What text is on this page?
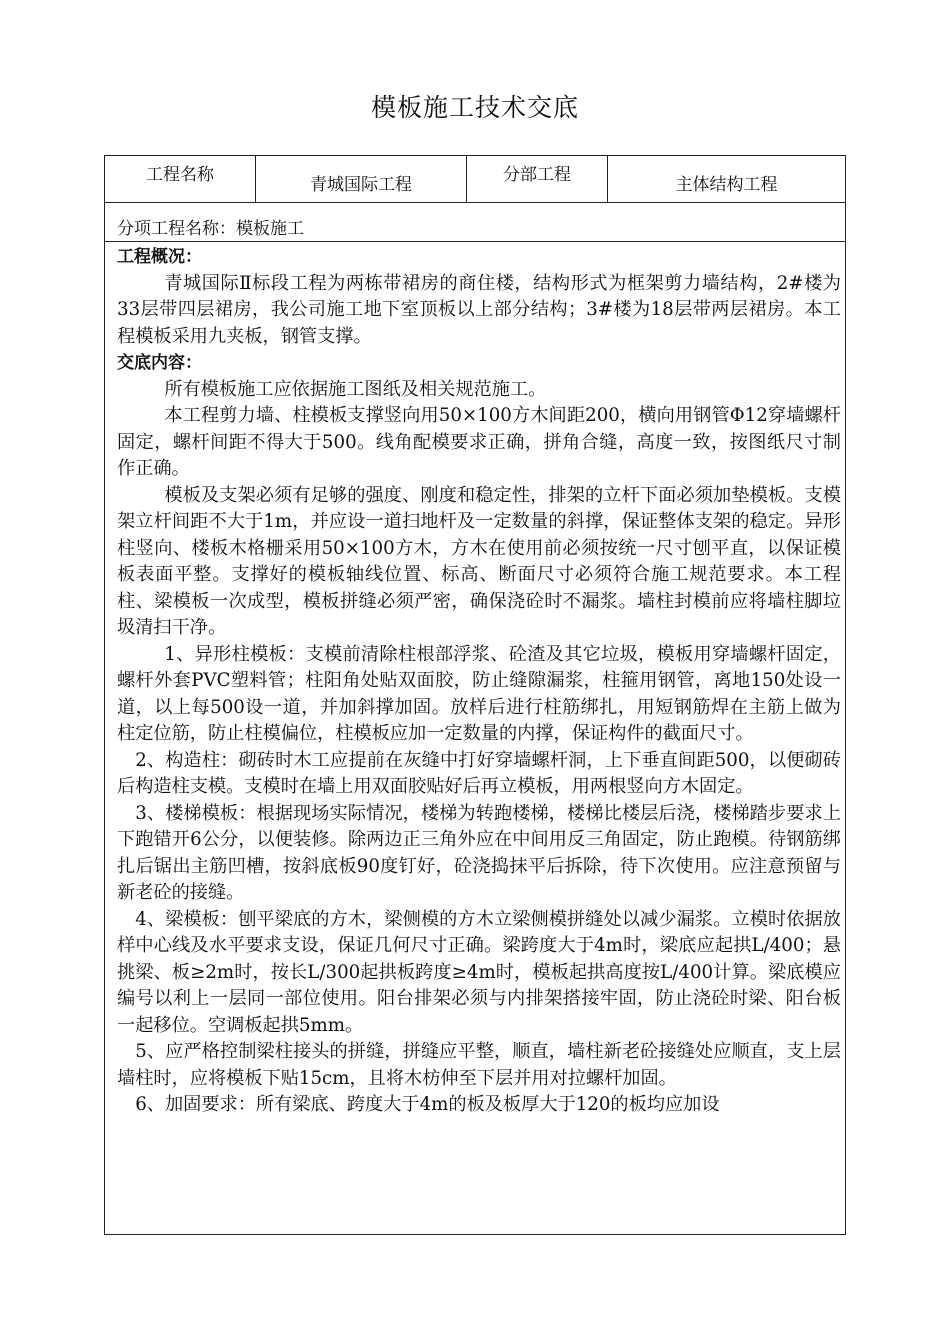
模板施工技术交底
工程名称	青城国际工程	分部工程	主体结构工程
分项工程名称：模板施工

工程概况：

青城国际Ⅱ标段工程为两栋带裙房的商住楼，结构形式为框架剪力墙结构，2#楼为33层带四层裙房，我公司施工地下室顶板以上部分结构；3#楼为18层带两层裙房。本工程模板采用九夹板，钢管支撑。

交底内容：

所有模板施工应依据施工图纸及相关规范施工。

本工程剪力墙、柱模板支撑竖向用50×100方木间距200，横向用钢管Φ12穿墙螺杆固定，螺杆间距不得大于500。线角配模要求正确，拼角合缝，高度一致，按图纸尺寸制作正确。

模板及支架必须有足够的强度、刚度和稳定性，排架的立杆下面必须加垫模板。支模架立杆间距不大于1m，并应设一道扫地杆及一定数量的斜撑，保证整体支架的稳定。异形柱竖向、楼板木格栅采用50×100方木，方木在使用前必须按统一尺寸刨平直，以保证模板表面平整。支撑好的模板轴线位置、标高、断面尺寸必须符合施工规范要求。本工程柱、梁模板一次成型，模板拼缝必须严密，确保浇砼时不漏浆。墙柱封模前应将墙柱脚垃圾清扫干净。

1、异形柱模板：支模前清除柱根部浮浆、砼渣及其它垃圾，模板用穿墙螺杆固定，螺杆外套PVC塑料管；柱阳角处贴双面胶，防止缝隙漏浆，柱箍用钢管，离地150处设一道，以上每500设一道，并加斜撑加固。放样后进行柱筋绑扎，用短钢筋焊在主筋上做为柱定位筋，防止柱模偏位，柱模板应加一定数量的内撑，保证构件的截面尺寸。

2、构造柱：砌砖时木工应提前在灰缝中打好穿墙螺杆洞，上下垂直间距500，以便砌砖后构造柱支模。支模时在墙上用双面胶贴好后再立模板，用两根竖向方木固定。

3、楼梯模板：根据现场实际情况，楼梯为转跑楼梯，楼梯比楼层后浇，楼梯踏步要求上下跑错开6公分，以便装修。除两边正三角外应在中间用反三角固定，防止跑模。待钢筋绑扎后锯出主筋凹槽，按斜底板90度钉好，砼浇捣抹平后拆除，待下次使用。应注意预留与新老砼的接缝。

4、梁模板：刨平梁底的方木，梁侧模的方木立梁侧模拼缝处以减少漏浆。立模时依据放样中心线及水平要求支设，保证几何尺寸正确。梁跨度大于4m时，梁底应起拱L/400；悬挑梁、板≥2m时，按长L/300起拱板跨度≥4m时，模板起拱高度按L/400计算。梁底模应编号以利上一层同一部位使用。阳台排架必须与内排架搭接牢固，防止浇砼时梁、阳台板一起移位。空调板起拱5mm。

5、应严格控制梁柱接头的拼缝，拼缝应平整，顺直，墙柱新老砼接缝处应顺直，支上层墙柱时，应将模板下贴15cm，且将木枋伸至下层并用对拉螺杆加固。

6、加固要求：所有梁底、跨度大于4m的板及板厚大于120的板均应加设
